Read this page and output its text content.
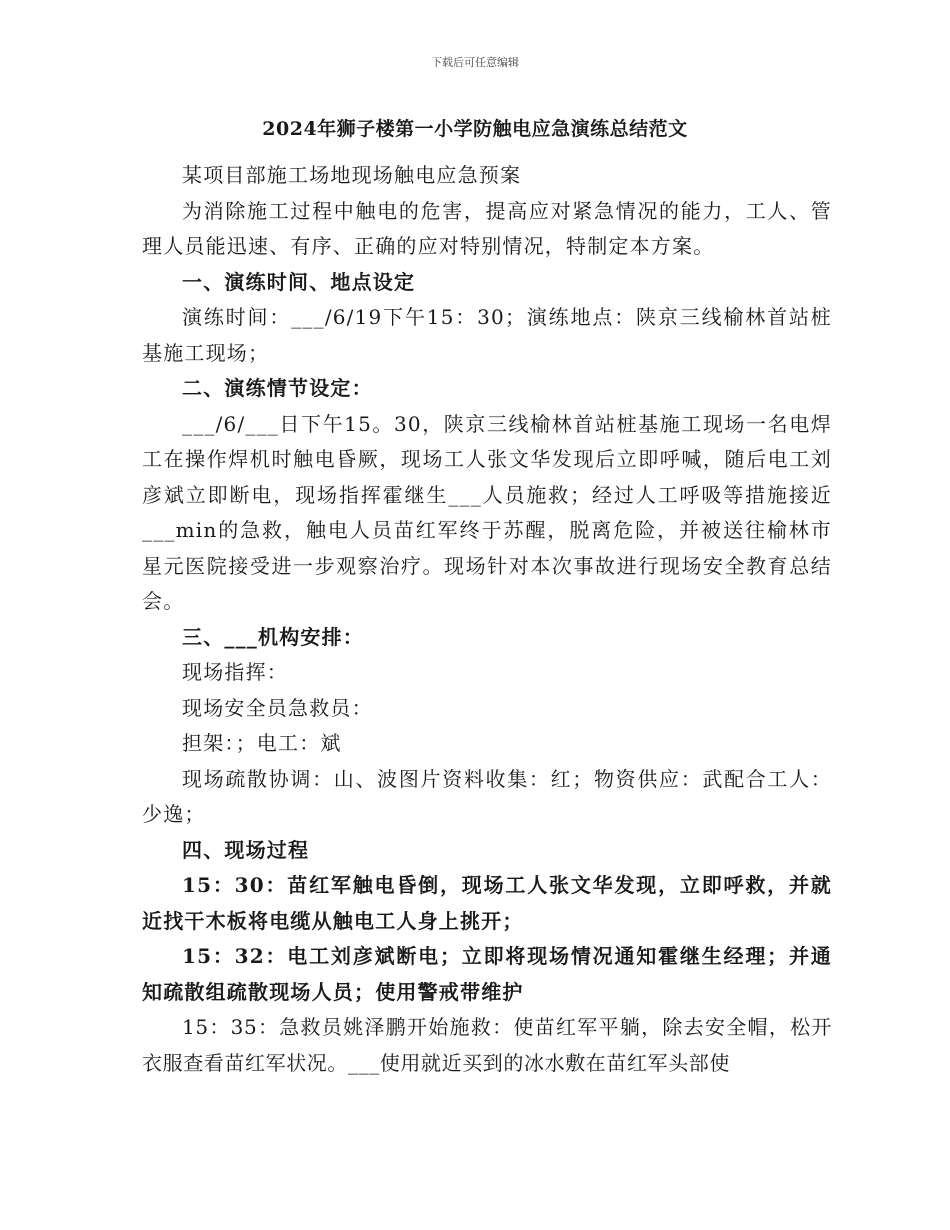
下载后可任意编辑
2024年狮子楼第一小学防触电应急演练总结范文

某项目部施工场地现场触电应急预案

为消除施工过程中触电的危害，提高应对紧急情况的能力，工人、管理人员能迅速、有序、正确的应对特别情况，特制定本方案。

一、演练时间、地点设定

演练时间：___/6/19下午15：30；演练地点：陕京三线榆林首站桩基施工现场；

二、演练情节设定：

___/6/___日下午15。30，陕京三线榆林首站桩基施工现场一名电焊工在操作焊机时触电昏厥，现场工人张文华发现后立即呼喊，随后电工刘彦斌立即断电，现场指挥霍继生___人员施救；经过人工呼吸等措施接近___min的急救，触电人员苗红军终于苏醒，脱离危险，并被送往榆林市星元医院接受进一步观察治疗。现场针对本次事故进行现场安全教育总结会。

三、___机构安排：

现场指挥：

现场安全员急救员：

担架：；电工：斌

现场疏散协调：山、波图片资料收集：红；物资供应：武配合工人：少逸；

四、现场过程

15：30：苗红军触电昏倒，现场工人张文华发现，立即呼救，并就近找干木板将电缆从触电工人身上挑开；

15：32：电工刘彦斌断电；立即将现场情况通知霍继生经理；并通知疏散组疏散现场人员；使用警戒带维护

15：35：急救员姚泽鹏开始施救：使苗红军平躺，除去安全帽，松开衣服查看苗红军状况。___使用就近买到的冰水敷在苗红军头部使
